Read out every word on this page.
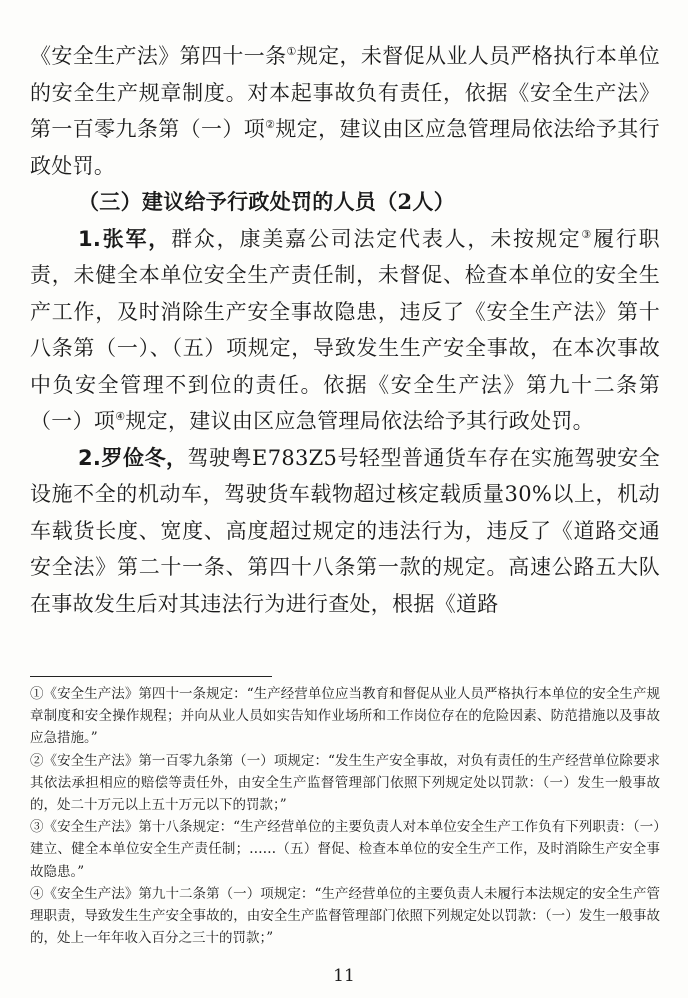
《安全生产法》第四十一条①规定，未督促从业人员严格执行本单位的安全生产规章制度。对本起事故负有责任，依据《安全生产法》第一百零九条第（一）项②规定，建议由区应急管理局依法给予其行政处罚。

（三）建议给予行政处罚的人员（2人）

1.张军，群众，康美嘉公司法定代表人，未按规定③履行职责，未健全本单位安全生产责任制，未督促、检查本单位的安全生产工作，及时消除生产安全事故隐患，违反了《安全生产法》第十八条第（一）、（五）项规定，导致发生生产安全事故，在本次事故中负安全管理不到位的责任。依据《安全生产法》第九十二条第（一）项④规定，建议由区应急管理局依法给予其行政处罚。

2.罗俭冬，驾驶粤E783Z5号轻型普通货车存在实施驾驶安全设施不全的机动车，驾驶货车载物超过核定载质量30%以上，机动车载货长度、宽度、高度超过规定的违法行为，违反了《道路交通安全法》第二十一条、第四十八条第一款的规定。高速公路五大队在事故发生后对其违法行为进行查处，根据《道路

①《安全生产法》第四十一条规定：“生产经营单位应当教育和督促从业人员严格执行本单位的安全生产规章制度和安全操作规程；并向从业人员如实告知作业场所和工作岗位存在的危险因素、防范措施以及事故应急措施。”

②《安全生产法》第一百零九条第（一）项规定：“发生生产安全事故，对负有责任的生产经营单位除要求其依法承担相应的赔偿等责任外，由安全生产监督管理部门依照下列规定处以罚款：（一）发生一般事故的，处二十万元以上五十万元以下的罚款；”

③《安全生产法》第十八条规定：“生产经营单位的主要负责人对本单位安全生产工作负有下列职责：（一）建立、健全本单位安全生产责任制；……（五）督促、检查本单位的安全生产工作，及时消除生产安全事故隐患。”

④《安全生产法》第九十二条第（一）项规定：“生产经营单位的主要负责人未履行本法规定的安全生产管理职责，导致发生生产安全事故的，由安全生产监督管理部门依照下列规定处以罚款：（一）发生一般事故的，处上一年年收入百分之三十的罚款；”

11
